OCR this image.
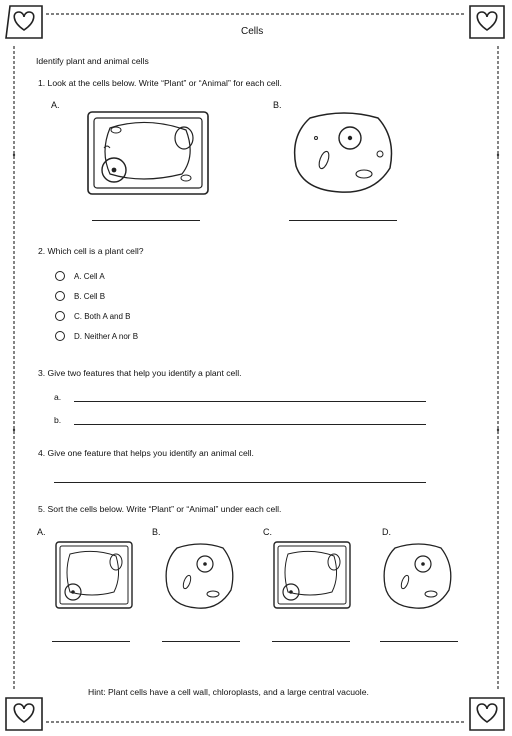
Cells
Identify plant and animal cells
1. Look at the cells below. Write “Plant” or “Animal” for each cell.
A.	B.
2. Which cell is a plant cell?
A. Cell A
B. Cell B
C. Both A and B
D. Neither A nor B
3. Give two features that help you identify a plant cell.
a.
b.
4. Give one feature that helps you identify an animal cell.
5. Sort the cells below. Write “Plant” or “Animal” under each cell.
A.	B.	C.	D.
Hint: Plant cells have a cell wall, chloroplasts, and a large central vacuole.
